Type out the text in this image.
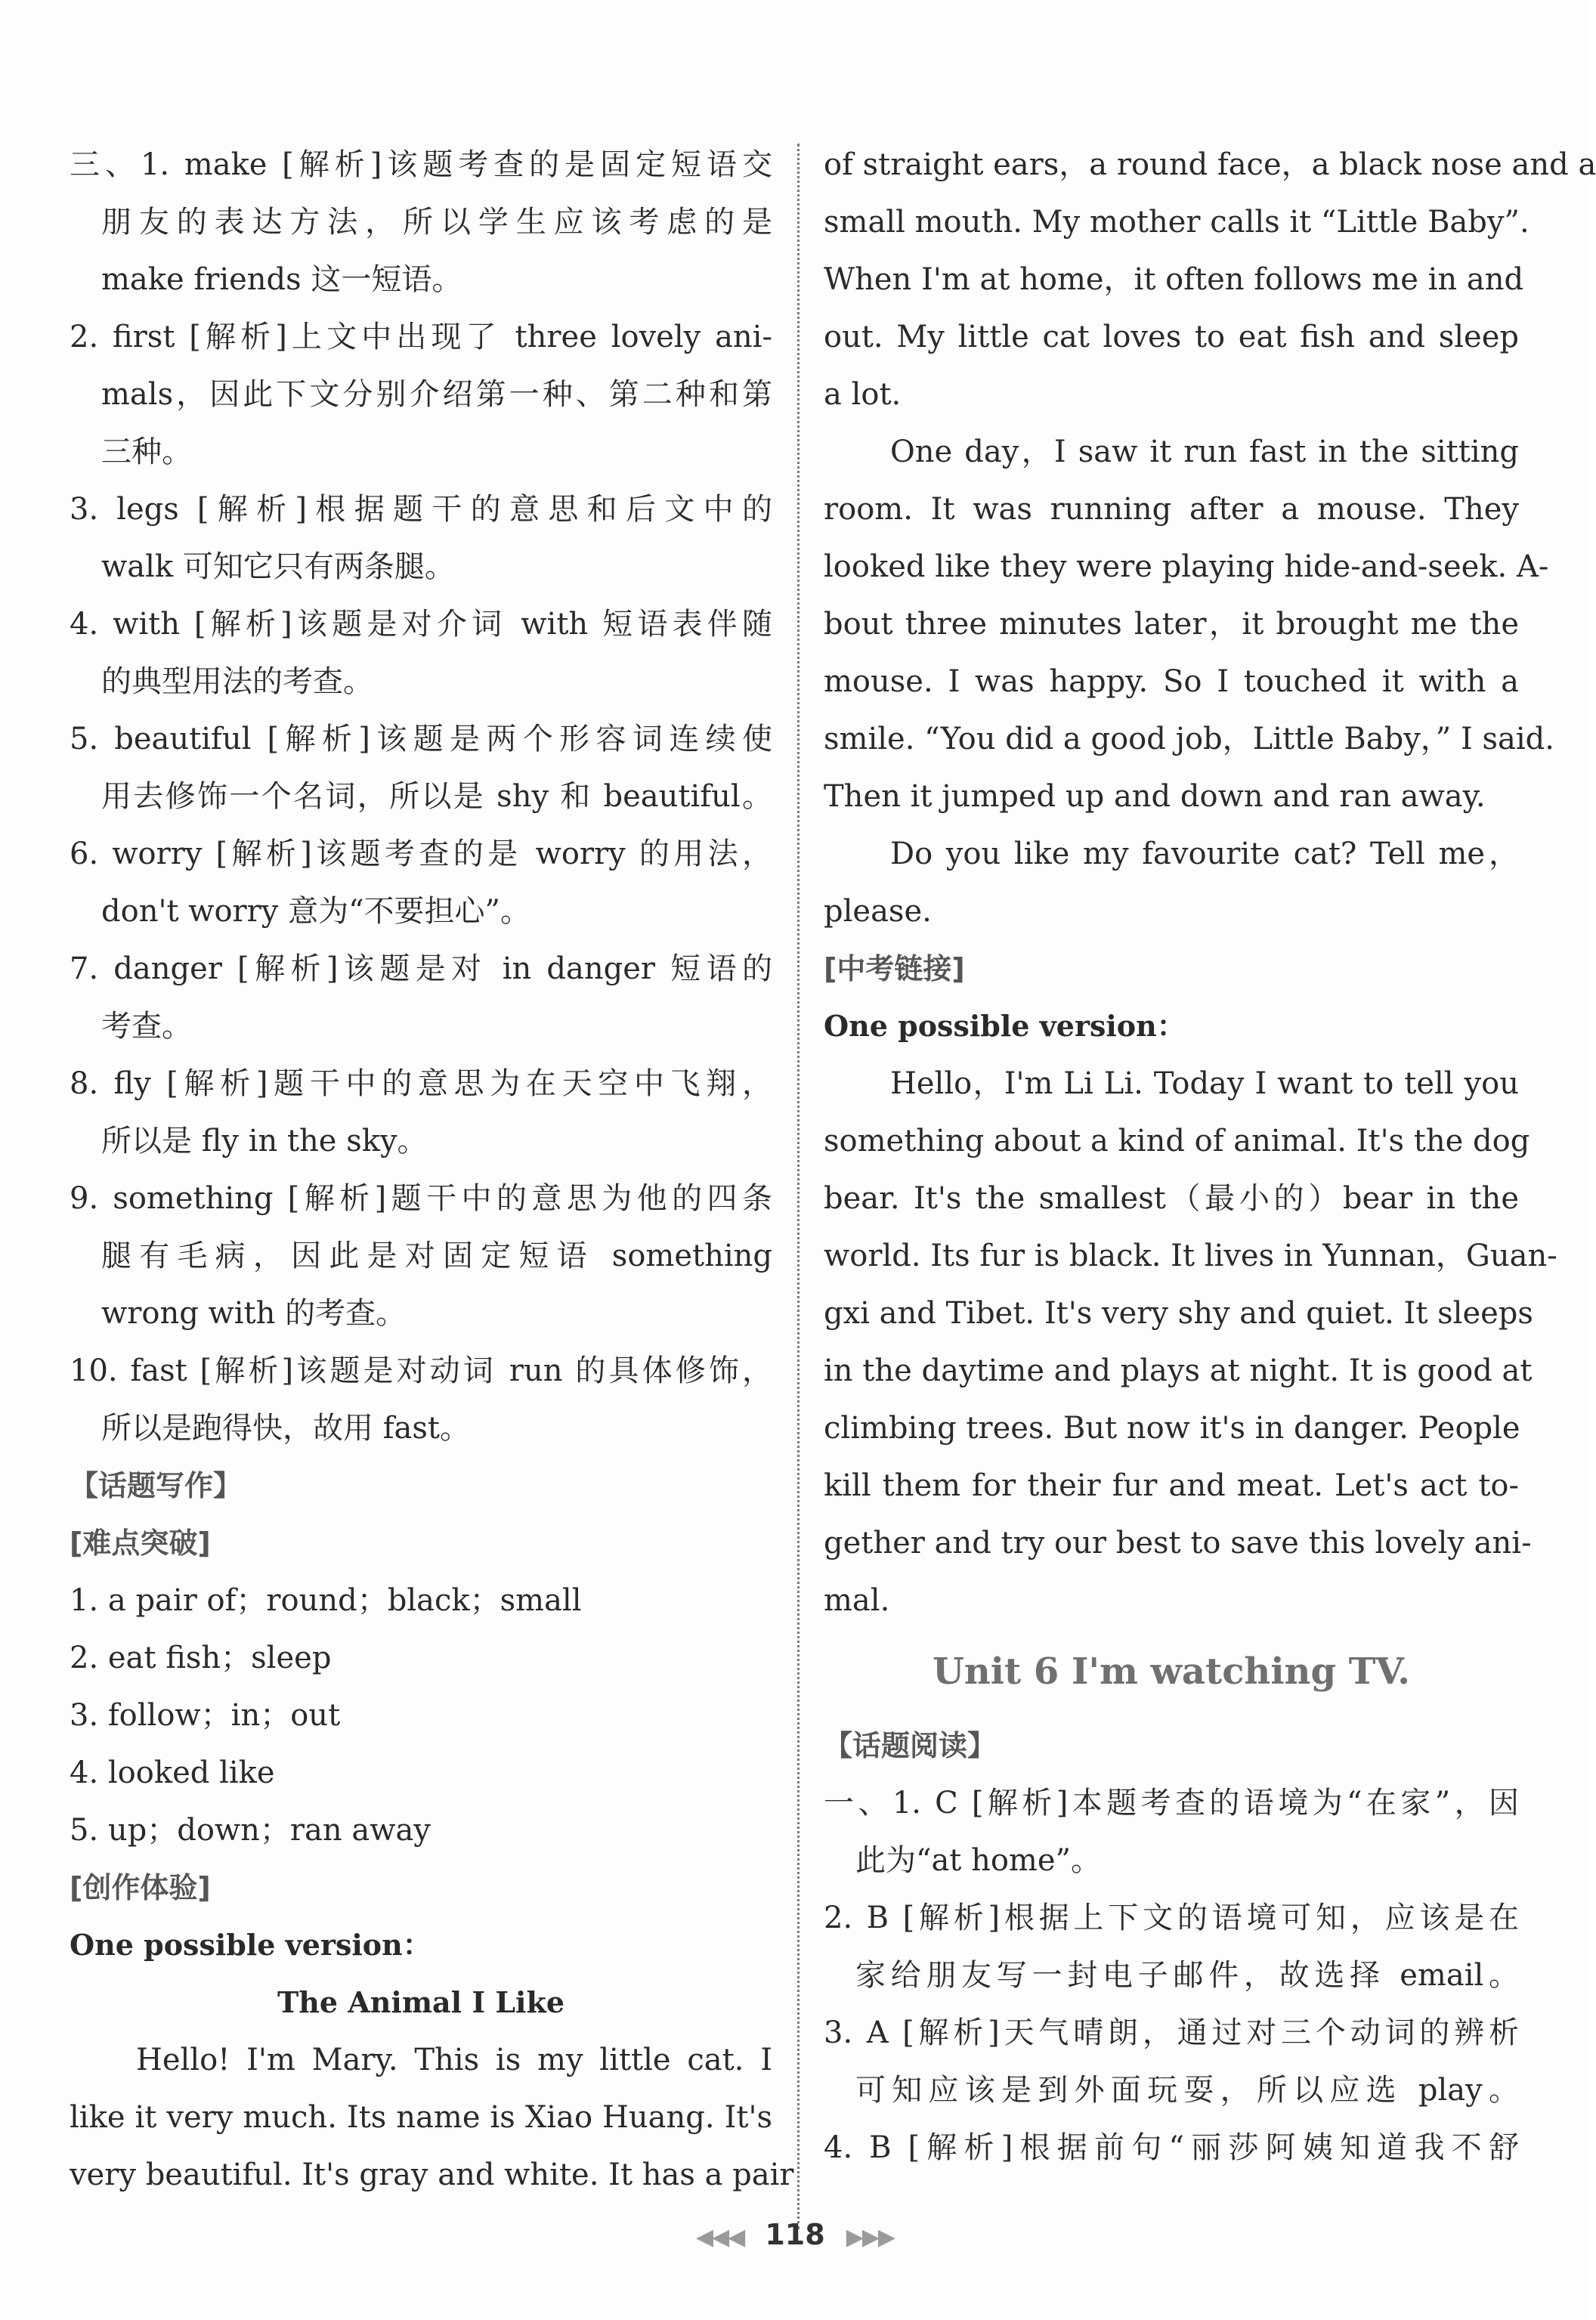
三、1. make [解析]该题考查的是固定短语交
朋友的表达方法，所以学生应该考虑的是
make friends 这一短语。
2. first [解析]上文中出现了 three lovely ani-
mals，因此下文分别介绍第一种、第二种和第
三种。
3. legs [解析]根据题干的意思和后文中的
walk 可知它只有两条腿。
4. with [解析]该题是对介词 with 短语表伴随
的典型用法的考查。
5. beautiful [解析]该题是两个形容词连续使
用去修饰一个名词，所以是 shy 和 beautiful。
6. worry [解析]该题考查的是 worry 的用法，
don't worry 意为“不要担心”。
7. danger [解析]该题是对 in danger 短语的
考查。
8. fly [解析]题干中的意思为在天空中飞翔，
所以是 fly in the sky。
9. something [解析]题干中的意思为他的四条
腿有毛病，因此是对固定短语 something
wrong with 的考查。
10. fast [解析]该题是对动词 run 的具体修饰，
所以是跑得快，故用 fast。
【话题写作】
[难点突破]
1. a pair of；round；black；small
2. eat fish；sleep
3. follow；in；out
4. looked like
5. up；down；ran away
[创作体验]
One possible version：
The Animal I Like
Hello! I'm Mary. This is my little cat. I
like it very much. Its name is Xiao Huang. It's
very beautiful. It's gray and white. It has a pair
of straight ears，a round face，a black nose and a
small mouth. My mother calls it “Little Baby”.
When I'm at home，it often follows me in and
out. My little cat loves to eat fish and sleep
a lot.
One day，I saw it run fast in the sitting
room. It was running after a mouse. They
looked like they were playing hide-and-seek. A-
bout three minutes later，it brought me the
mouse. I was happy. So I touched it with a
smile. “You did a good job，Little Baby，” I said.
Then it jumped up and down and ran away.
Do you like my favourite cat? Tell me，
please.
[中考链接]
One possible version：
Hello，I'm Li Li. Today I want to tell you
something about a kind of animal. It's the dog
bear. It's the smallest（最小的）bear in the
world. Its fur is black. It lives in Yunnan，Guan-
gxi and Tibet. It's very shy and quiet. It sleeps
in the daytime and plays at night. It is good at
climbing trees. But now it's in danger. People
kill them for their fur and meat. Let's act to-
gether and try our best to save this lovely ani-
mal.
Unit 6 I'm watching TV.
【话题阅读】
一、1. C [解析]本题考查的语境为“在家”，因
此为“at home”。
2. B [解析]根据上下文的语境可知，应该是在
家给朋友写一封电子邮件，故选择 email。
3. A [解析]天气晴朗，通过对三个动词的辨析
可知应该是到外面玩耍，所以应选 play。
4. B [解析]根据前句“丽莎阿姨知道我不舒
◀◀◀ 118 ▶▶▶
